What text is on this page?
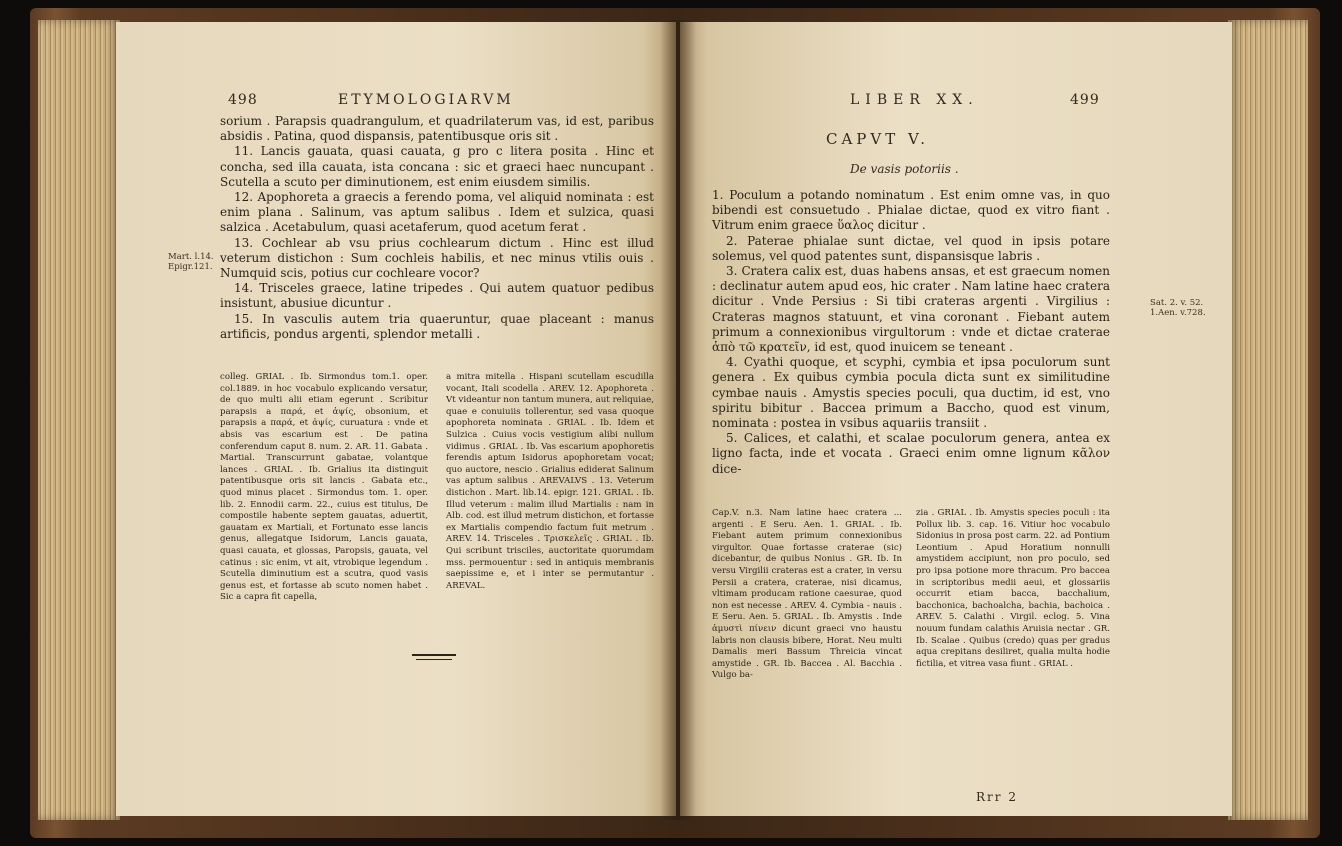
498	ETYMOLOGIARVM

sorium . Parapsis quadrangulum, et quadrilaterum vas, id est, paribus absidis . Patina, quod dispansis, patentibusque oris sit .

11. Lancis gauata, quasi cauata, g pro c litera posita . Hinc et concha, sed illa cauata, ista concana : sic et graeci haec nuncupant . Scutella a scuto per diminutionem, est enim eiusdem similis.

12. Apophoreta a graecis a ferendo poma, vel aliquid nominata : est enim plana . Salinum, vas aptum salibus . Idem et sulzica, quasi salzica . Acetabulum, quasi acetaferum, quod acetum ferat .

13. Cochlear ab vsu prius cochlearum dictum . Hinc est illud veterum distichon : Sum cochleis habilis, et nec minus vtilis ouis . Numquid scis, potius cur cochleare vocor?

14. Trisceles graece, latine tripedes . Qui autem quatuor pedibus insistunt, abusiue dicuntur .

15. In vasculis autem tria quaeruntur, quae placeant : manus artificis, pondus argenti, splendor metalli .

colleg. GRIAL . Ib. Sirmondus tom.1. oper. col.1889. in hoc vocabulo explicando versatur, de quo multi alii etiam egerunt . Scribitur parapsis a παρά, et ἀψίς, obsonium, et parapsis a παρά, et ἀψίς, curuatura : vnde et absis vas escarium est . De patina conferendum caput 8. num. 2. AR. 11. Gabata . Martial. Transcurrunt gabatae, volantque lances . GRIAL . Ib. Grialius ita distinguit patentibusque oris sit lancis . Gabata etc., quod minus placet . Sirmondus tom. 1. oper. lib. 2. Ennodii carm. 22., cuius est titulus, De compostile habente septem gauatas, aduertit, gauatam ex Martiali, et Fortunato esse lancis genus, allegatque Isidorum, Lancis gauata, quasi cauata, et glossas, Paropsis, gauata, vel catinus : sic enim, vt ait, vtrobique legendum . Scutella diminutium est a scutra, quod vasis genus est, et fortasse ab scuto nomen habet . Sic a capra fit capella,

a mitra mitella . Hispani scutellam escudilla vocant, Itali scodella . AREV. 12. Apophoreta . Vt videantur non tantum munera, aut reliquiae, quae e conuiuiis tollerentur, sed vasa quoque apophoreta nominata . GRIAL . Ib. Idem et Sulzica . Cuius vocis vestigium alibi nullum vidimus . GRIAL . Ib. Vas escarium apophoretis ferendis aptum Isidorus apophoretam vocat; quo auctore, nescio . Grialius ediderat Salinum vas aptum salibus . AREVALVS . 13. Veterum distichon . Mart. lib.14. epigr. 121. GRIAL . Ib. Illud veterum : malim illud Martialis : nam in Alb. cod. est illud metrum distichon, et fortasse ex Martialis compendio factum fuit metrum . AREV. 14. Trisceles . Τρισκελεῖς . GRIAL . Ib. Qui scribunt trisciles, auctoritate quorumdam mss. permouentur : sed in antiquis membranis saepissime e, et i inter se permutantur . AREVAL.

Mart. l.14. Epigr.121.
LIBER XX.	499
CAPVT V.
De vasis potoriis .

1. Poculum a potando nominatum . Est enim omne vas, in quo bibendi est consuetudo . Phialae dictae, quod ex vitro fiant . Vitrum enim graece ὕαλος dicitur .

2. Paterae phialae sunt dictae, vel quod in ipsis potare solemus, vel quod patentes sunt, dispansisque labris .

3. Cratera calix est, duas habens ansas, et est graecum nomen : declinatur autem apud eos, hic crater . Nam latine haec cratera dicitur . Vnde Persius : Si tibi crateras argenti . Virgilius : Crateras magnos statuunt, et vina coronant . Fiebant autem primum a connexionibus virgultorum : vnde et dictae craterae ἀπὸ τῶ κρατεῖν, id est, quod inuicem se teneant .

4. Cyathi quoque, et scyphi, cymbia et ipsa poculorum sunt genera . Ex quibus cymbia pocula dicta sunt ex similitudine cymbae nauis . Amystis species poculi, qua ductim, id est, vno spiritu bibitur . Baccea primum a Baccho, quod est vinum, nominata : postea in vsibus aquariis transiit .

5. Calices, et calathi, et scalae poculorum genera, antea ex ligno facta, inde et vocata . Graeci enim omne lignum κᾶλον dice-

Cap.V. n.3. Nam latine haec cratera ... argenti . E Seru. Aen. 1. GRIAL . Ib. Fiebant autem primum connexionibus virgultor. Quae fortasse craterae (sic) dicebantur, de quibus Nonius . GR. Ib. In versu Virgilii crateras est a crater, in versu Persii a cratera, craterae, nisi dicamus, vltimam producam ratione caesurae, quod non est necesse . AREV. 4. Cymbia - nauis . E Seru. Aen. 5. GRIAL . Ib. Amystis . Inde ἀμυστὶ πίνειν dicunt graeci vno haustu labris non clausis bibere, Horat. Neu multi Damalis meri Bassum Threicia vincat amystide . GR. Ib. Baccea . Al. Bacchia . Vulgo ba-

zia . GRIAL . Ib. Amystis species poculi : ita Pollux lib. 3. cap. 16. Vitiur hoc vocabulo Sidonius in prosa post carm. 22. ad Pontium Leontium . Apud Horatium nonnulli amystidem accipiunt, non pro poculo, sed pro ipsa potione more thracum. Pro baccea in scriptoribus medii aeui, et glossariis occurrit etiam bacca, bacchalium, bacchonica, bachoalcha, bachia, bachoica . AREV. 5. Calathi . Virgil. eclog. 5. Vina nouum fundam calathis Aruisia nectar . GR. Ib. Scalae . Quibus (credo) quas per gradus aqua crepitans desiliret, qualia multa hodie fictilia, et vitrea vasa fiunt . GRIAL .

Rrr 2
Sat. 2. v. 52. 1.Aen. v.728.
